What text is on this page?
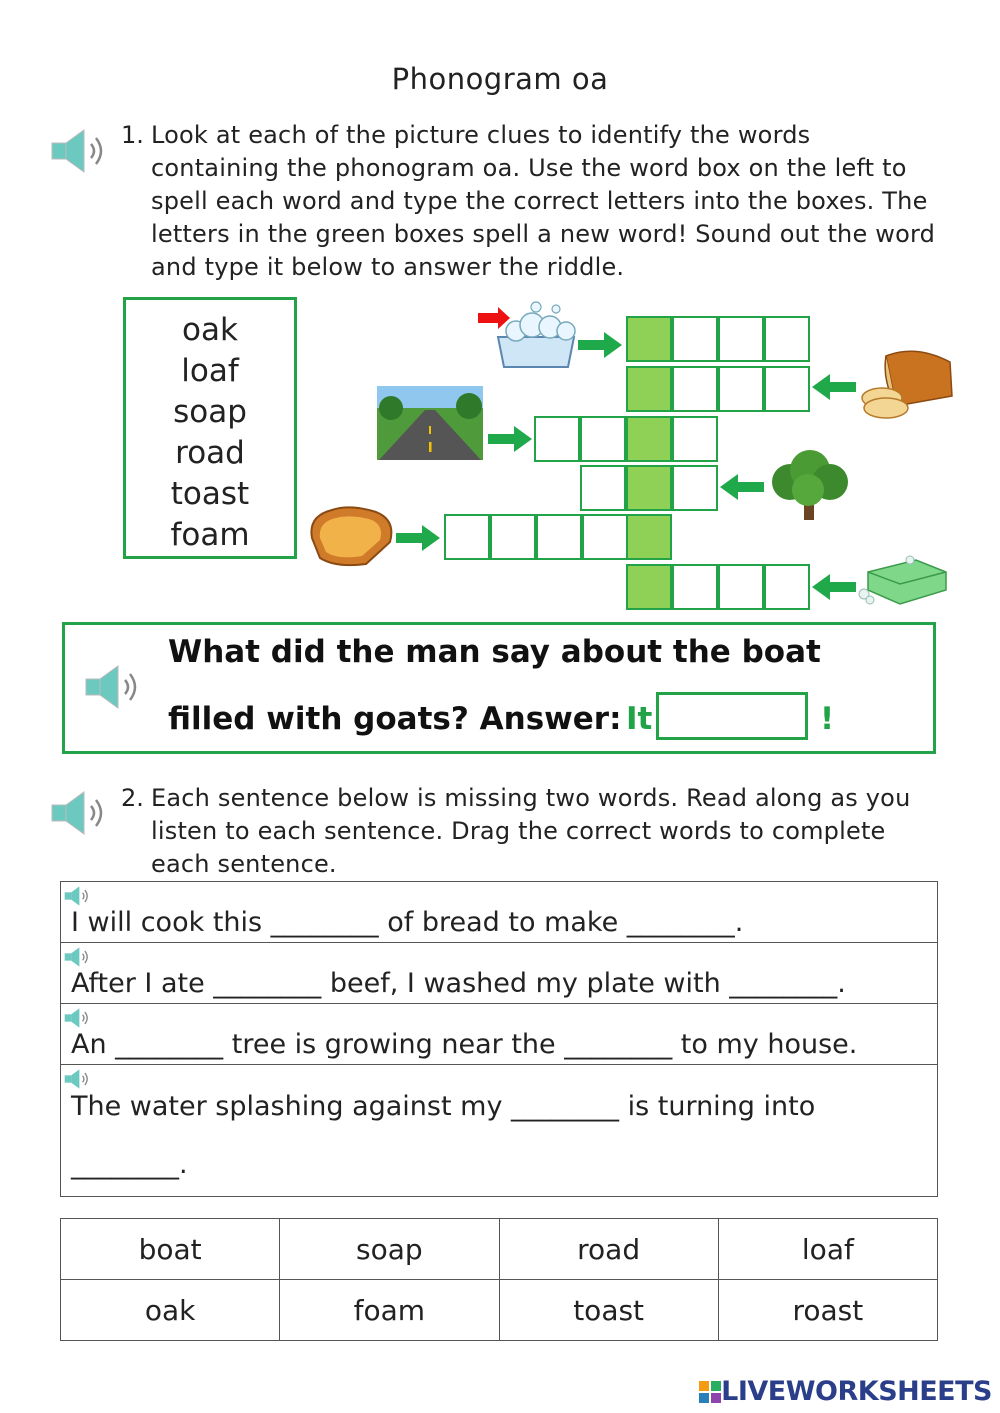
Phonogram oa
1. Look at each of the picture clues to identify the words containing the phonogram oa. Use the word box on the left to spell each word and type the correct letters into the boxes. The letters in the green boxes spell a new word! Sound out the word and type it below to answer the riddle.
oak
loaf
soap
road
toast
foam
What did the man say about the boat
filled with goats? Answer: It	!
2. Each sentence below is missing two words. Read along as you listen to each sentence. Drag the correct words to complete each sentence.
I will cook this ________ of bread to make ________.
After I ate ________ beef, I washed my plate with ________.
An ________ tree is growing near the ________ to my house.
The water splashing against my ________ is turning into
________.
boat	soap	road	loaf
oak	foam	toast	roast
LIVEWORKSHEETS
